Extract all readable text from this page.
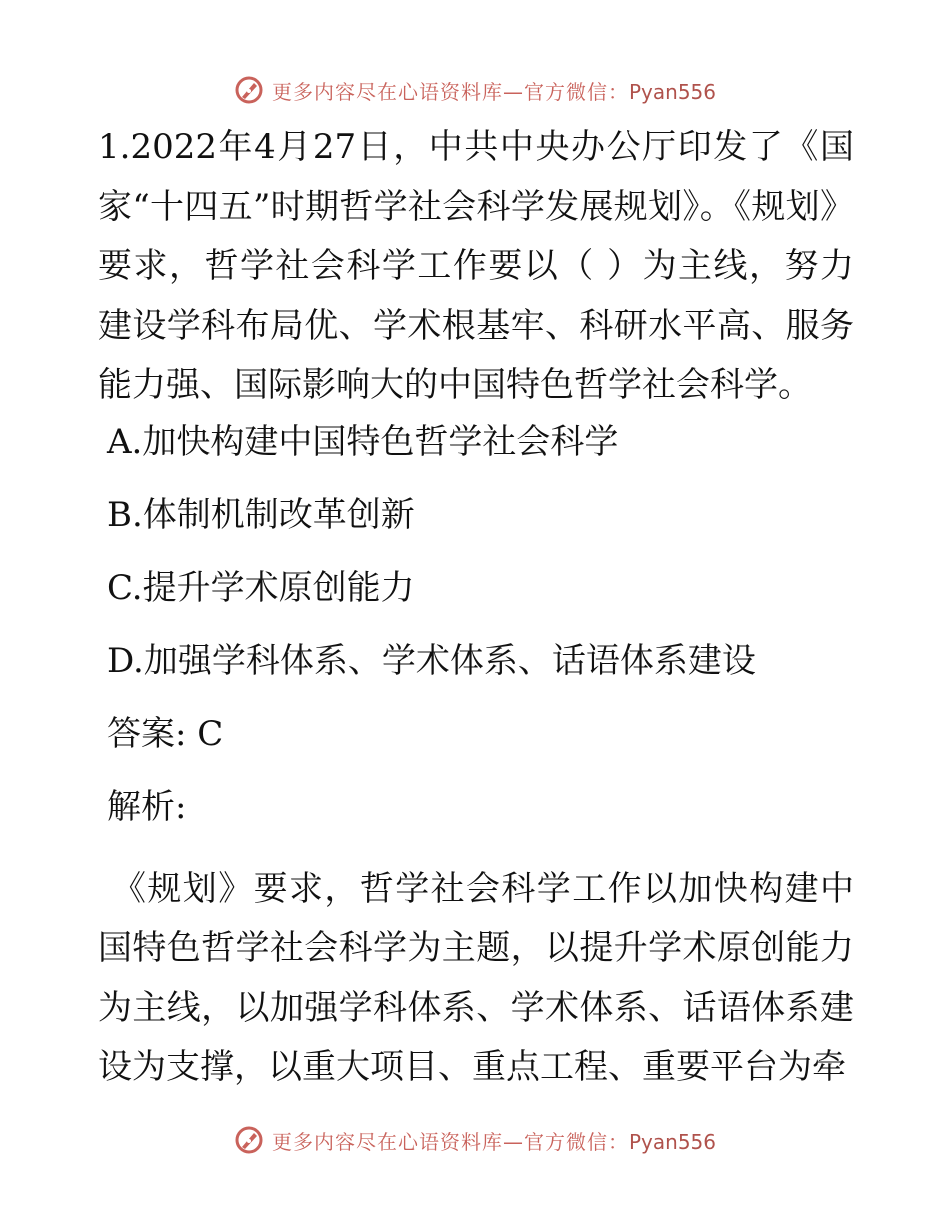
更多内容尽在心语资料库—官方微信：Pyan556

1.2022年4月27日，中共中央办公厅印发了《国家“十四五”时期哲学社会科学发展规划》。《规划》要求，哲学社会科学工作要以（ ）为主线，努力建设学科布局优、学术根基牢、科研水平高、服务能力强、国际影响大的中国特色哲学社会科学。

A.加快构建中国特色哲学社会科学
B.体制机制改革创新
C.提升学术原创能力
D.加强学科体系、学术体系、话语体系建设
答案: C
解析:

《规划》要求，哲学社会科学工作以加快构建中国特色哲学社会科学为主题，以提升学术原创能力为主线，以加强学科体系、学术体系、话语体系建设为支撑，以重大项目、重点工程、重要平台为牵

更多内容尽在心语资料库—官方微信：Pyan556
